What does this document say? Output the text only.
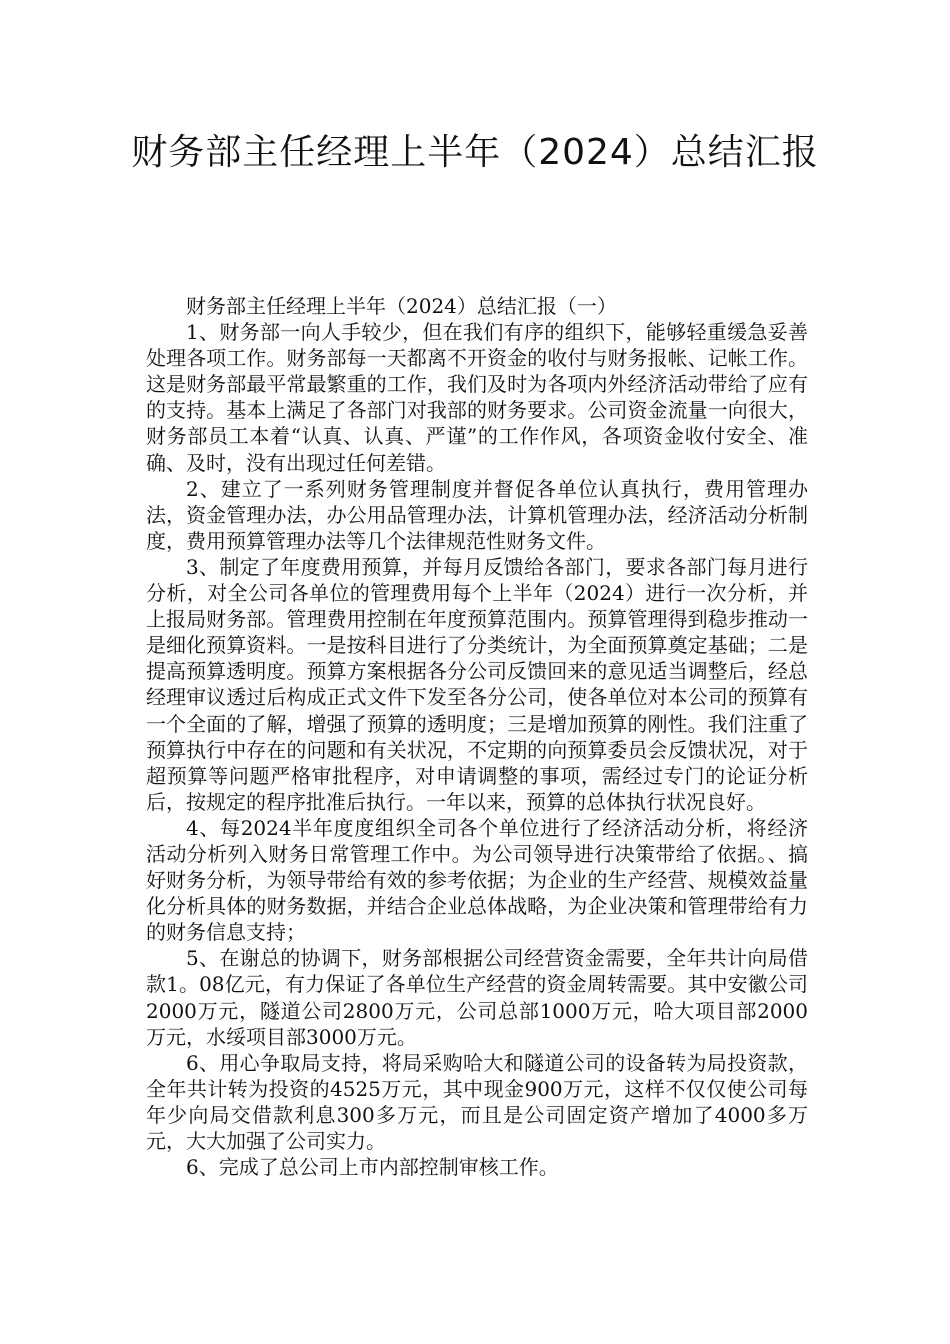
财务部主任经理上半年（2024）总结汇报

财务部主任经理上半年（2024）总结汇报（一）

1、财务部一向人手较少，但在我们有序的组织下，能够轻重缓急妥善处理各项工作。财务部每一天都离不开资金的收付与财务报帐、记帐工作。这是财务部最平常最繁重的工作，我们及时为各项内外经济活动带给了应有的支持。基本上满足了各部门对我部的财务要求。公司资金流量一向很大，财务部员工本着“认真、认真、严谨”的工作作风，各项资金收付安全、准确、及时，没有出现过任何差错。

2、建立了一系列财务管理制度并督促各单位认真执行，费用管理办法，资金管理办法，办公用品管理办法，计算机管理办法，经济活动分析制度，费用预算管理办法等几个法律规范性财务文件。

3、制定了年度费用预算，并每月反馈给各部门，要求各部门每月进行分析，对全公司各单位的管理费用每个上半年（2024）进行一次分析，并上报局财务部。管理费用控制在年度预算范围内。预算管理得到稳步推动一是细化预算资料。一是按科目进行了分类统计，为全面预算奠定基础；二是提高预算透明度。预算方案根据各分公司反馈回来的意见适当调整后，经总经理审议透过后构成正式文件下发至各分公司，使各单位对本公司的预算有一个全面的了解，增强了预算的透明度；三是增加预算的刚性。我们注重了预算执行中存在的问题和有关状况，不定期的向预算委员会反馈状况，对于超预算等问题严格审批程序，对申请调整的事项，需经过专门的论证分析后，按规定的程序批准后执行。一年以来，预算的总体执行状况良好。

4、每2024半年度度组织全司各个单位进行了经济活动分析，将经济活动分析列入财务日常管理工作中。为公司领导进行决策带给了依据。、搞好财务分析，为领导带给有效的参考依据；为企业的生产经营、规模效益量化分析具体的财务数据，并结合企业总体战略，为企业决策和管理带给有力的财务信息支持；

5、在谢总的协调下，财务部根据公司经营资金需要，全年共计向局借款1。08亿元，有力保证了各单位生产经营的资金周转需要。其中安徽公司2000万元，隧道公司2800万元，公司总部1000万元，哈大项目部2000万元，水绥项目部3000万元。

6、用心争取局支持，将局采购哈大和隧道公司的设备转为局投资款，全年共计转为投资的4525万元，其中现金900万元，这样不仅仅使公司每年少向局交借款利息300多万元，而且是公司固定资产增加了4000多万元，大大加强了公司实力。

6、完成了总公司上市内部控制审核工作。
